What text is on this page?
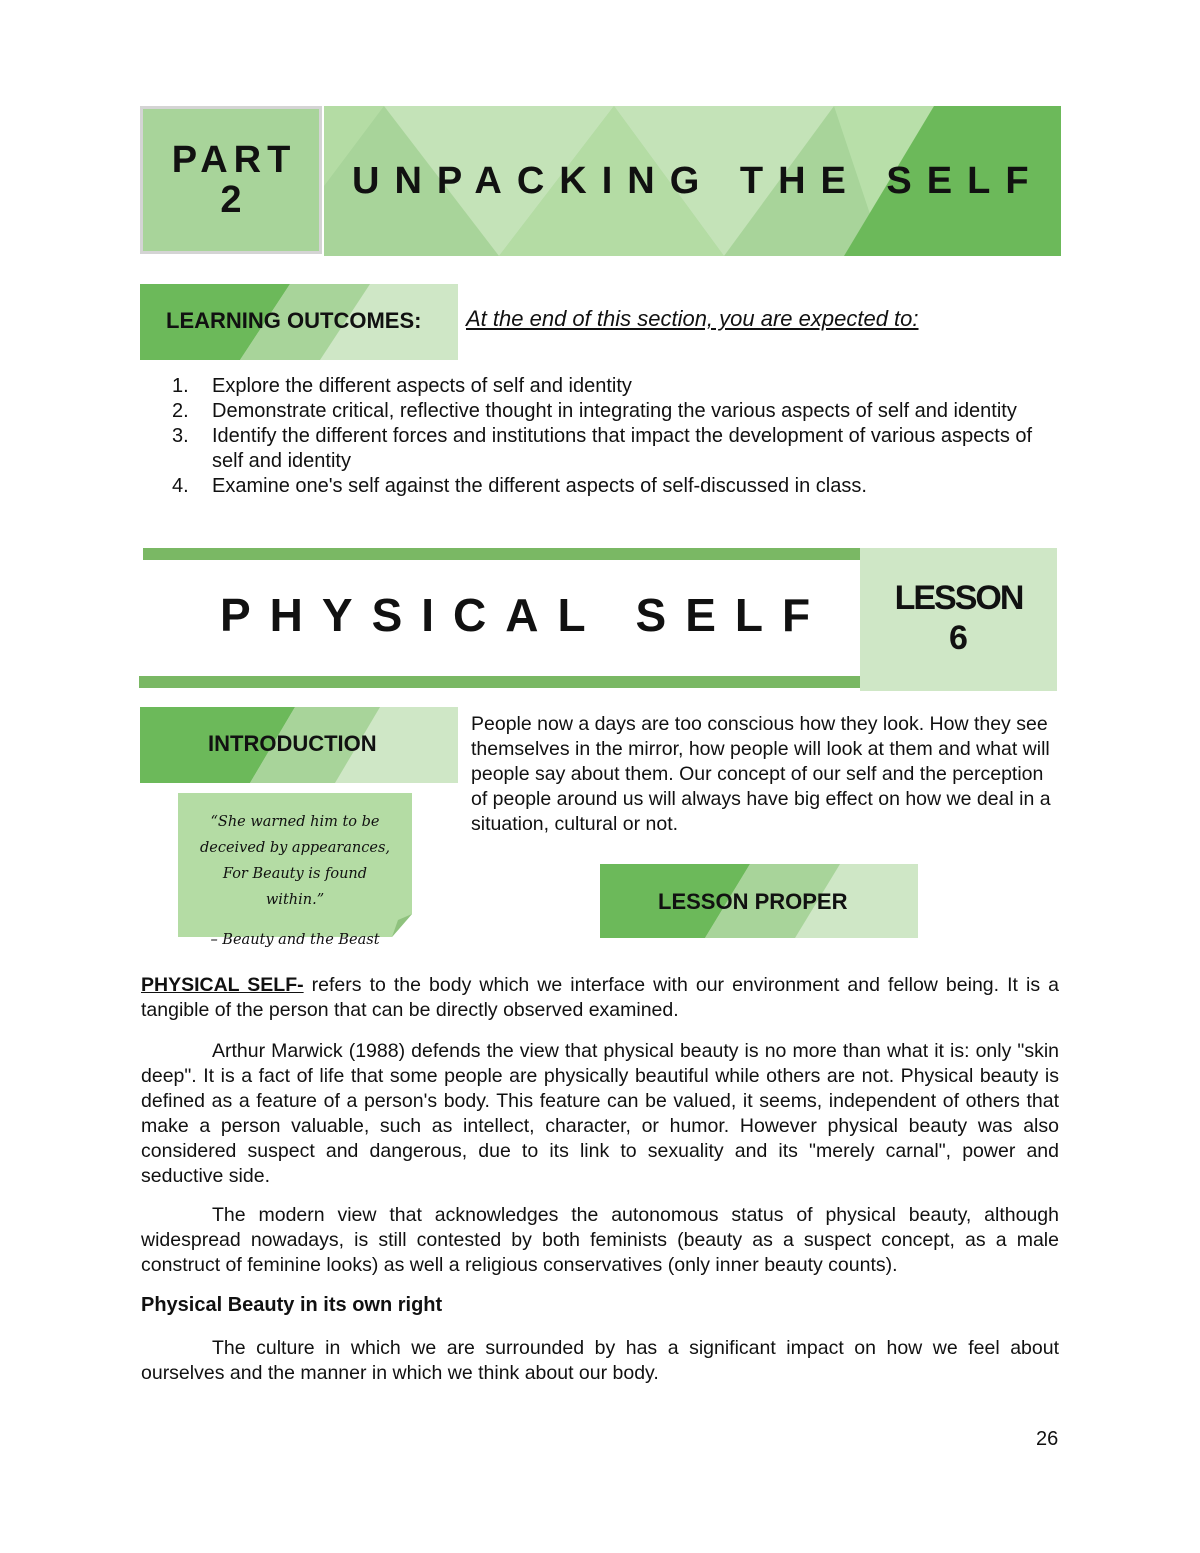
PART
2	UNPACKING THE SELF
LEARNING OUTCOMES: At the end of this section, you are expected to:
1.	Explore the different aspects of self and identity
2.	Demonstrate critical, reflective thought in integrating the various aspects of self and identity
3.	Identify the different forces and institutions that impact the development of various aspects of self and identity
4.	Examine one's self against the different aspects of self-discussed in class.
PHYSICAL SELF LESSON
6
INTRODUCTION
“She warned him to be deceived by appearances, For Beauty is found within.”
– Beauty and the Beast
People now a days are too conscious how they look. How they see themselves in the mirror, how people will look at them and what will people say about them. Our concept of our self and the perception of people around us will always have big effect on how we deal in a situation, cultural or not.
LESSON PROPER

PHYSICAL SELF- refers to the body which we interface with our environment and fellow being. It is a tangible of the person that can be directly observed examined.

Arthur Marwick (1988) defends the view that physical beauty is no more than what it is: only "skin deep". It is a fact of life that some people are physically beautiful while others are not. Physical beauty is defined as a feature of a person's body. This feature can be valued, it seems, independent of others that make a person valuable, such as intellect, character, or humor. However physical beauty was also considered suspect and dangerous, due to its link to sexuality and its "merely carnal", power and seductive side.

The modern view that acknowledges the autonomous status of physical beauty, although widespread nowadays, is still contested by both feminists (beauty as a suspect concept, as a male construct of feminine looks) as well a religious conservatives (only inner beauty counts).

Physical Beauty in its own right

The culture in which we are surrounded by has a significant impact on how we feel about ourselves and the manner in which we think about our body.

26
